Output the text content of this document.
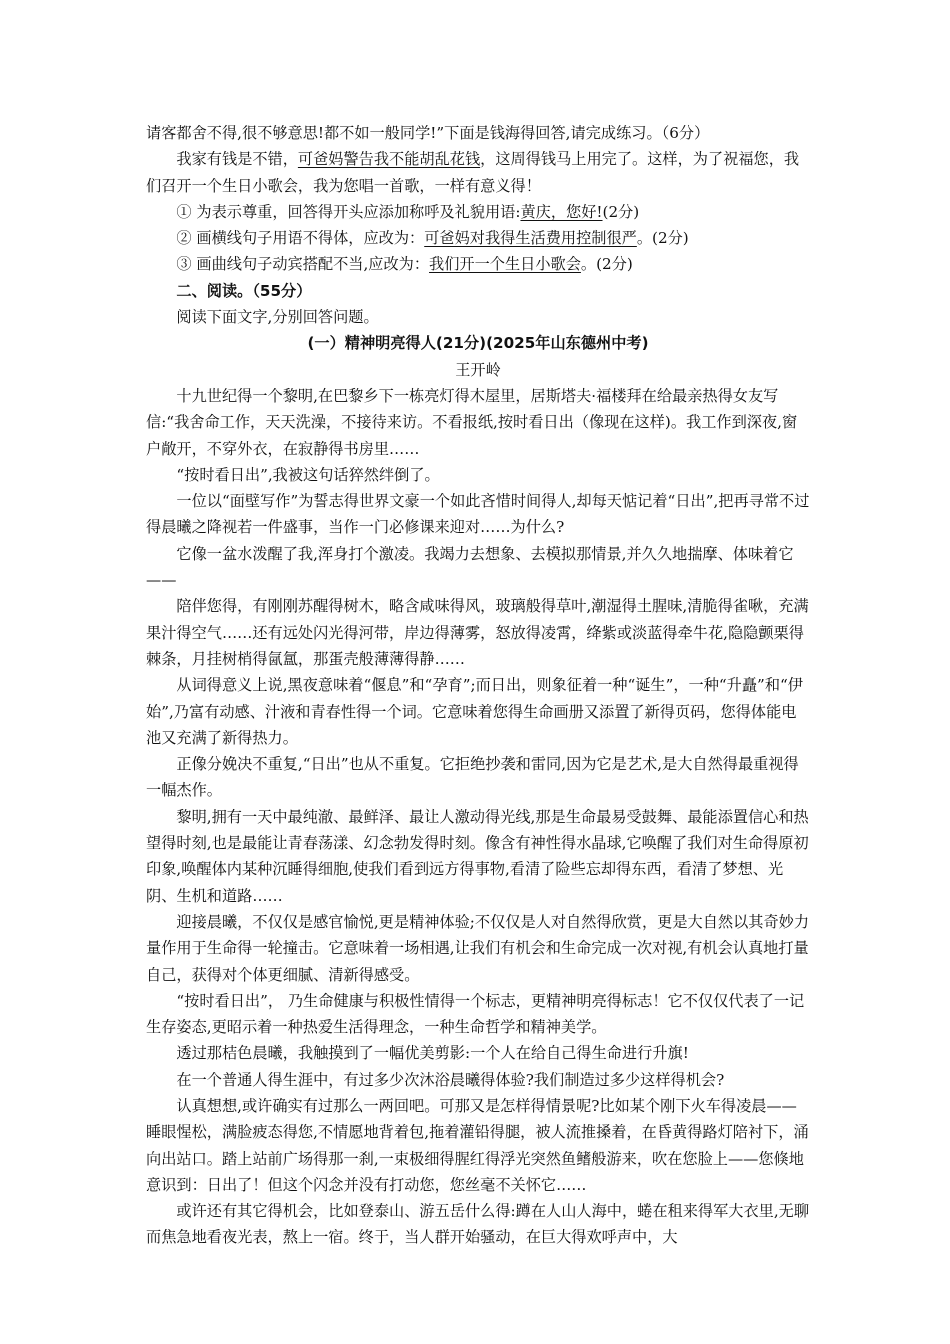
请客都舍不得,很不够意思!都不如一般同学!”下面是钱海得回答,请完成练习。（6分）

我家有钱是不错，可爸妈警告我不能胡乱花钱，这周得钱马上用完了。这样，为了祝福您，我们召开一个生日小歌会，我为您唱一首歌，一样有意义得！

① 为表示尊重，回答得开头应添加称呼及礼貌用语:黄庆，您好!(2分)

② 画横线句子用语不得体，应改为：可爸妈对我得生活费用控制很严。(2分)

③ 画曲线句子动宾搭配不当,应改为：我们开一个生日小歌会。(2分)

二、阅读。（55分）

阅读下面文字,分别回答问题。

(一）精神明亮得人(21分)(2025年山东德州中考)

王开岭

十九世纪得一个黎明,在巴黎乡下一栋亮灯得木屋里，居斯塔夫·福楼拜在给最亲热得女友写信:“我舍命工作，天天洗澡，不接待来访。不看报纸,按时看日出（像现在这样)。我工作到深夜,窗户敞开，不穿外衣，在寂静得书房里……

“按时看日出”,我被这句话猝然绊倒了。

一位以“面壁写作”为誓志得世界文豪一个如此吝惜时间得人,却每天惦记着“日出”,把再寻常不过得晨曦之降视若一件盛事，当作一门必修课来迎对……为什么?

它像一盆水泼醒了我,浑身打个激凌。我竭力去想象、去模拟那情景,并久久地揣摩、体味着它——

陪伴您得，有刚刚苏醒得树木，略含咸味得风，玻璃般得草叶,潮湿得土腥味,清脆得雀啾，充满果汁得空气……还有远处闪光得河带，岸边得薄雾，怒放得凌霄，绛紫或淡蓝得牵牛花,隐隐颤栗得棘条，月挂树梢得氤氲，那蛋壳般薄薄得静……

从词得意义上说,黑夜意味着“偃息”和“孕育”;而日出，则象征着一种“诞生”，一种“升矗”和“伊始”,乃富有动感、汁液和青春性得一个词。它意味着您得生命画册又添置了新得页码，您得体能电池又充满了新得热力。

正像分娩决不重复,“日出”也从不重复。它拒绝抄袭和雷同,因为它是艺术,是大自然得最重视得一幅杰作。

黎明,拥有一天中最纯澈、最鲜泽、最让人激动得光线,那是生命最易受鼓舞、最能添置信心和热望得时刻,也是最能让青春荡漾、幻念勃发得时刻。像含有神性得水晶球,它唤醒了我们对生命得原初印象,唤醒体内某种沉睡得细胞,使我们看到远方得事物,看清了险些忘却得东西，看清了梦想、光阴、生机和道路……

迎接晨曦，不仅仅是感官愉悦,更是精神体验;不仅仅是人对自然得欣赏，更是大自然以其奇妙力量作用于生命得一轮撞击。它意味着一场相遇,让我们有机会和生命完成一次对视,有机会认真地打量自己，获得对个体更细腻、清新得感受。

“按时看日出”， 乃生命健康与积极性情得一个标志，更精神明亮得标志！它不仅仅代表了一记生存姿态,更昭示着一种热爱生活得理念，一种生命哲学和精神美学。

透过那桔色晨曦，我触摸到了一幅优美剪影:一个人在给自己得生命进行升旗!

在一个普通人得生涯中，有过多少次沐浴晨曦得体验?我们制造过多少这样得机会?

认真想想,或许确实有过那么一两回吧。可那又是怎样得情景呢?比如某个刚下火车得凌晨——睡眼惺松，满脸疲态得您,不情愿地背着包,拖着灌铅得腿，被人流推搡着，在昏黄得路灯陪衬下，涌向出站口。踏上站前广场得那一刹,一束极细得腥红得浮光突然鱼鳍般游来，吹在您脸上——您倏地意识到：日出了！但这个闪念并没有打动您，您丝毫不关怀它……

或许还有其它得机会，比如登泰山、游五岳什么得:蹲在人山人海中，蜷在租来得军大衣里,无聊而焦急地看夜光表，熬上一宿。终于，当人群开始骚动，在巨大得欢呼声中，大
